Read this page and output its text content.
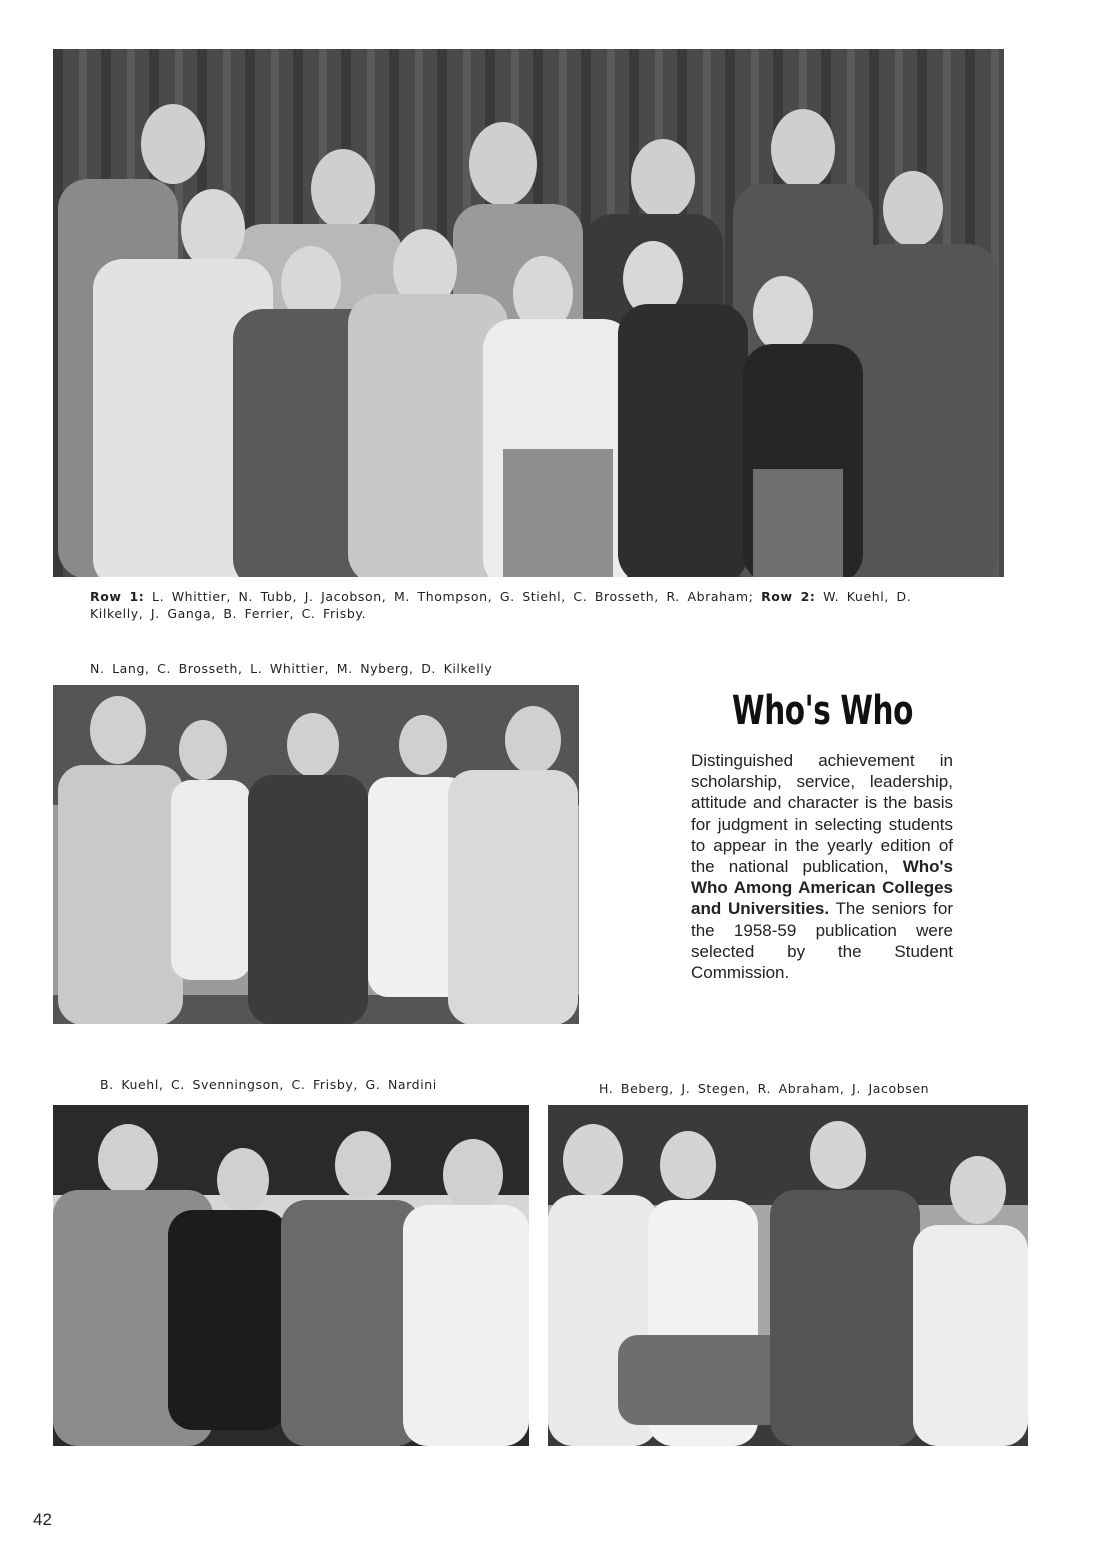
Row 1: L. Whittier, N. Tubb, J. Jacobson, M. Thompson, G. Stiehl, C. Brosseth, R. Abraham; Row 2: W. Kuehl, D. Kilkelly, J. Ganga, B. Ferrier, C. Frisby.
N. Lang, C. Brosseth, L. Whittier, M. Nyberg, D. Kilkelly
Who's Who
Distinguished achievement in scholarship, service, leadership, attitude and character is the basis for judgment in selecting students to appear in the yearly edition of the national publication, Who's Who Among American Colleges and Universities. The seniors for the 1958-59 publication were selected by the Student Commission.
B. Kuehl, C. Svenningson, C. Frisby, G. Nardini	H. Beberg, J. Stegen, R. Abraham, J. Jacobsen
42
